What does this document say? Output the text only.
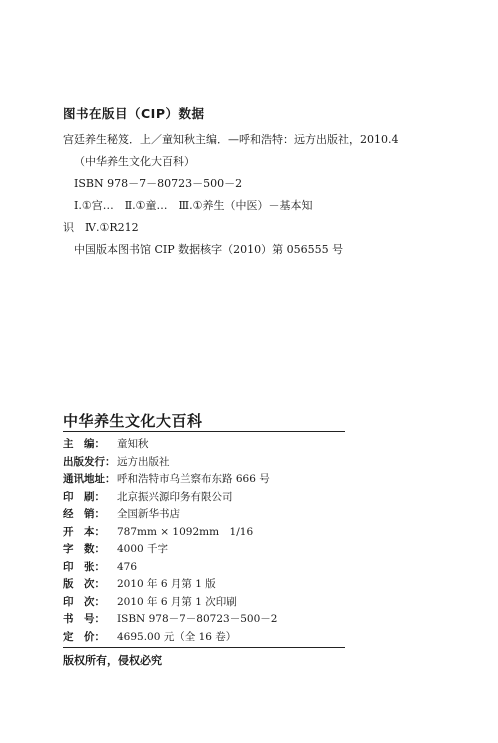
图书在版目（CIP）数据
宫廷养生秘笈．上／童知秋主编．—呼和浩特：远方出版社，2010.4
（中华养生文化大百科）
ISBN 978－7－80723－500－2
Ⅰ.①宫…　Ⅱ.①童…　Ⅲ.①养生（中医）－基本知
识　Ⅳ.①R212
中国版本图书馆 CIP 数据核字（2010）第 056555 号
中华养生文化大百科
主　编：	童知秋
出版发行： 远方出版社
通讯地址： 呼和浩特市乌兰察布东路 666 号
印　刷：	北京振兴源印务有限公司
经　销：	全国新华书店
开　本：	787mm × 1092mm　1/16
字　数：	4000 千字
印　张：	476
版　次：	2010 年 6 月第 1 版
印　次：	2010 年 6 月第 1 次印刷
书　号：	ISBN 978－7－80723－500－2
定　价：	4695.00 元（全 16 卷）
版权所有，侵权必究
